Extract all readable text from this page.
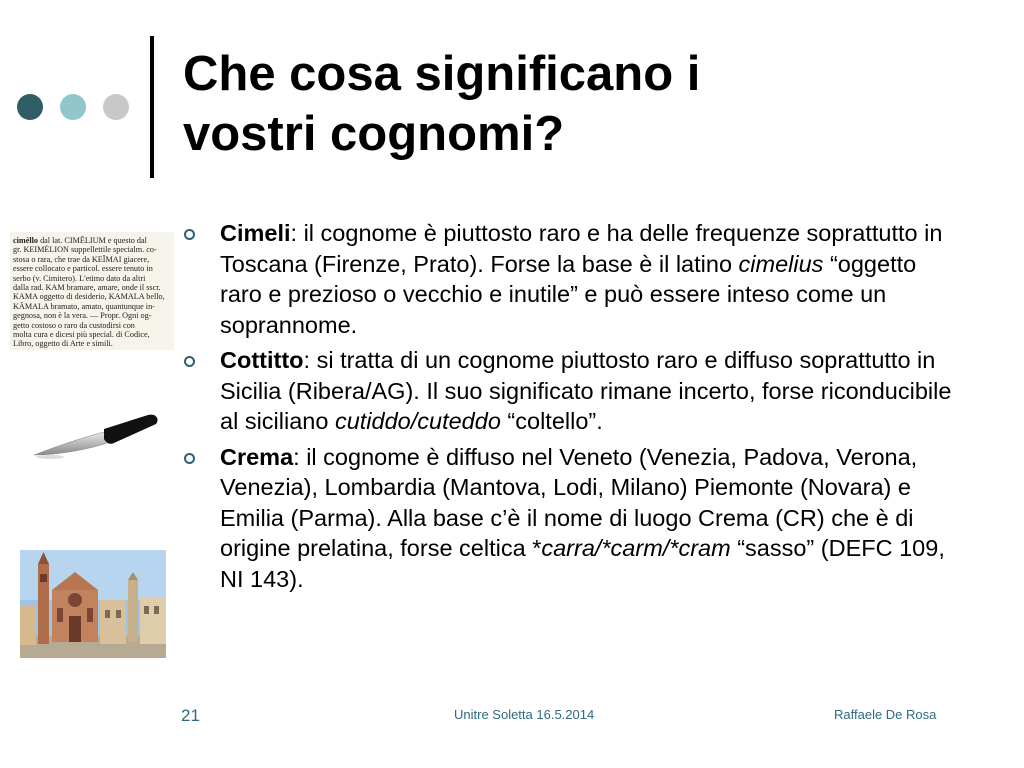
Che cosa significano i
vostri cognomi?
cimèllo dal lat. CIMĒLIUM e questo dal
gr. KEIMÉLION suppellettile specialm. co-
stosa o rara, che trae da KEÎMAI giacere,
essere collocato e particol. essere tenuto in
serbo (v. Cimitero). L'etimo dato da altri
dalla rad. KAM bramare, amare, onde il sscr.
KAMA oggetto di desiderio, KAMALA bello,
KÂMALA bramato, amato, quantunque in-
gegnosa, non è la vera. — Propr. Ogni og-
getto costoso o raro da custodirsi con
molta cura e dicesi più special. di Codice,
Libro, oggetto di Arte e simili.
Cimeli: il cognome è piuttosto raro e ha delle frequenze soprattutto in Toscana (Firenze, Prato). Forse la base è il latino cimelius “oggetto raro e prezioso o vecchio e inutile” e può essere inteso come un soprannome.
Cottitto: si tratta di un cognome piuttosto raro e diffuso soprattutto in Sicilia (Ribera/AG). Il suo significato rimane incerto, forse riconducibile al siciliano cutiddo/cuteddo “coltello”.
Crema: il cognome è diffuso nel Veneto (Venezia, Padova, Verona, Venezia), Lombardia (Mantova, Lodi, Milano) Piemonte (Novara) e Emilia (Parma). Alla base c’è il nome di luogo Crema (CR) che è di origine prelatina, forse celtica *carra/*carm/*cram “sasso” (DEFC 109, NI 143).
21	Unitre Soletta 16.5.2014	Raffaele De Rosa
